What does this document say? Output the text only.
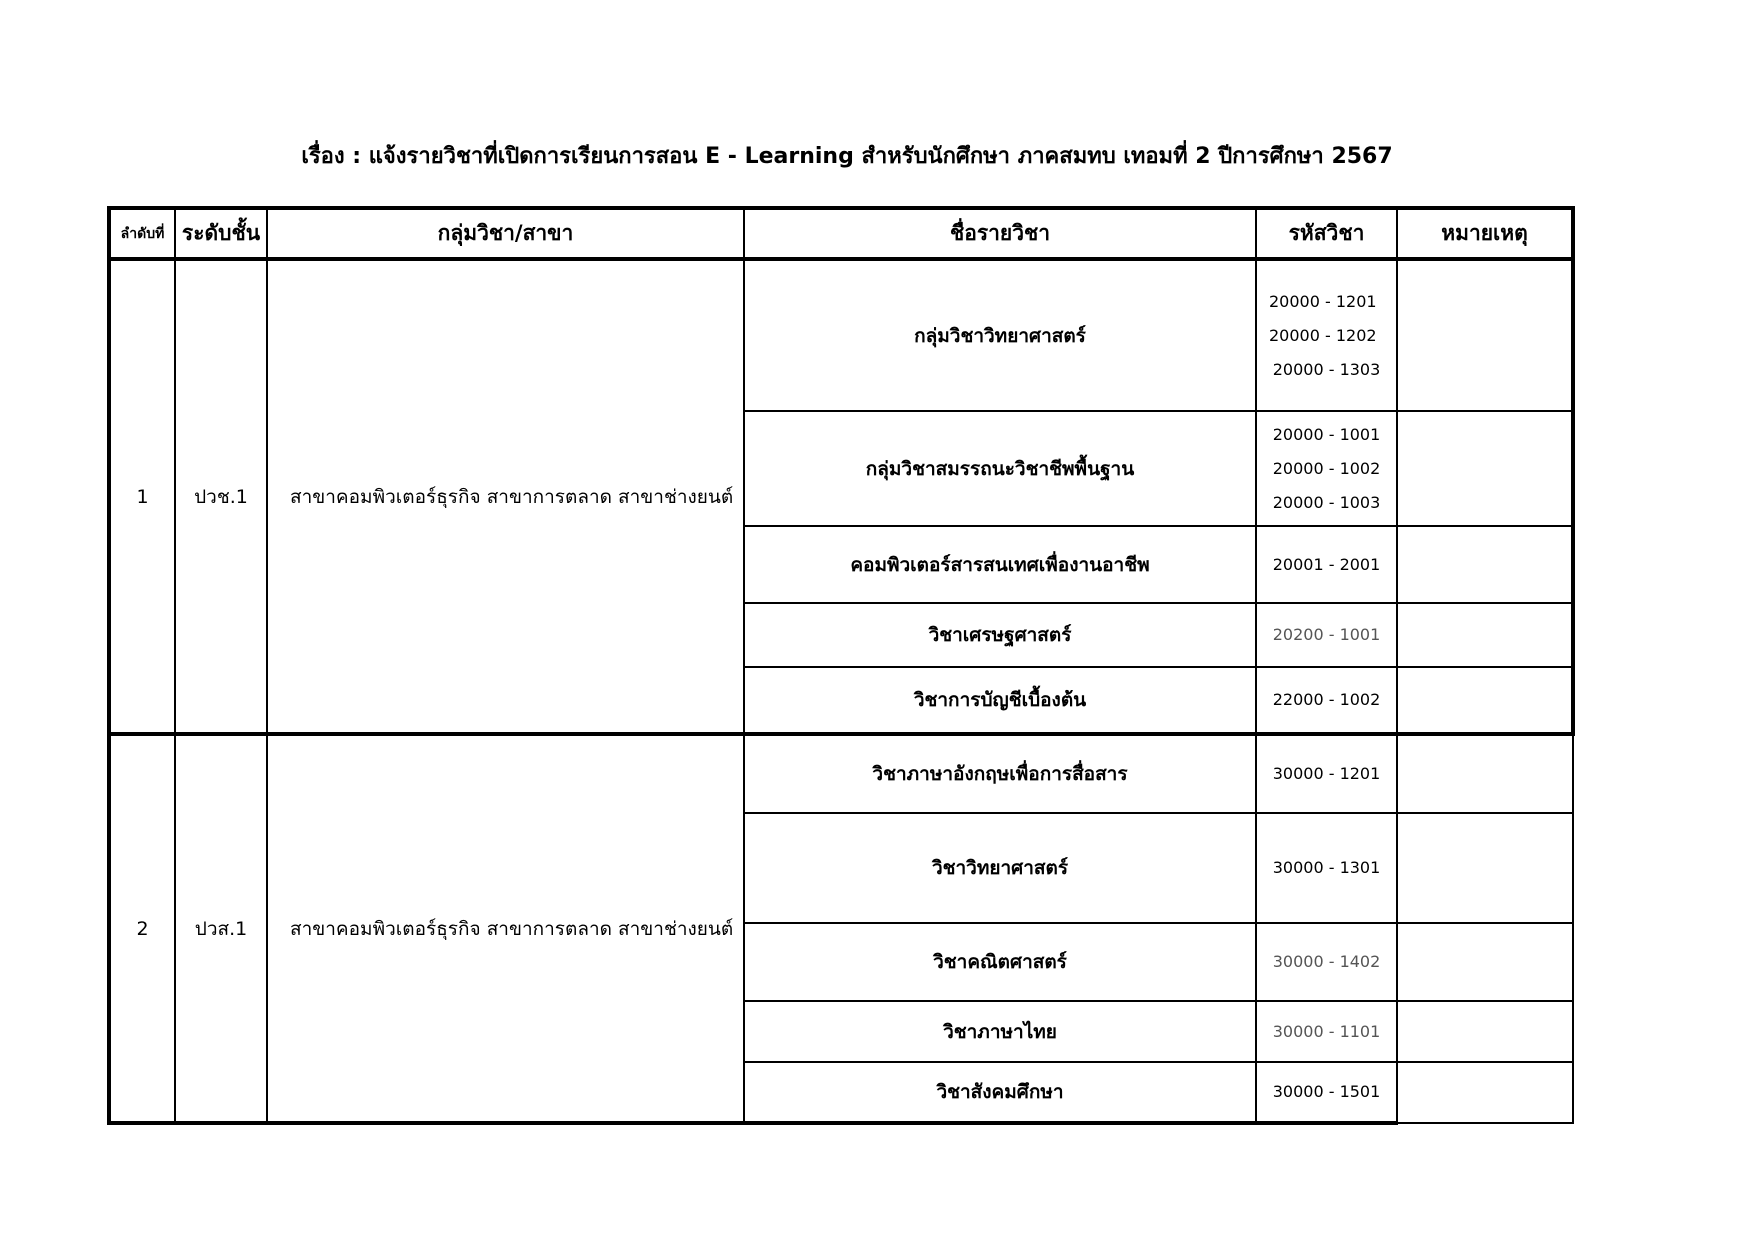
เรื่อง : แจ้งรายวิชาที่เปิดการเรียนการสอน E - Learning สำหรับนักศึกษา ภาคสมทบ เทอมที่ 2 ปีการศึกษา 2567
ลำดับที่	ระดับชั้น	กลุ่มวิชา/สาขา	ชื่อรายวิชา	รหัสวิชา	หมายเหตุ
1	ปวช.1	สาขาคอมพิวเตอร์ธุรกิจ สาขาการตลาด สาขาช่างยนต์	กลุ่มวิชาวิทยาศาสตร์	20000 - 1201
20000 - 1202
20000 - 1303	

			กลุ่มวิชาสมรรถนะวิชาชีพพื้นฐาน	20000 - 1001
20000 - 1002
20000 - 1003	

			คอมพิวเตอร์สารสนเทศเพื่องานอาชีพ	20001 - 2001	
			วิชาเศรษฐศาสตร์	20200 - 1001	
			วิชาการบัญชีเบื้องต้น	22000 - 1002	
2	ปวส.1	สาขาคอมพิวเตอร์ธุรกิจ สาขาการตลาด สาขาช่างยนต์	วิชาภาษาอังกฤษเพื่อการสื่อสาร	30000 - 1201	
			วิชาวิทยาศาสตร์	30000 - 1301	
			วิชาคณิตศาสตร์	30000 - 1402	
			วิชาภาษาไทย	30000 - 1101	
			วิชาสังคมศึกษา	30000 - 1501	
